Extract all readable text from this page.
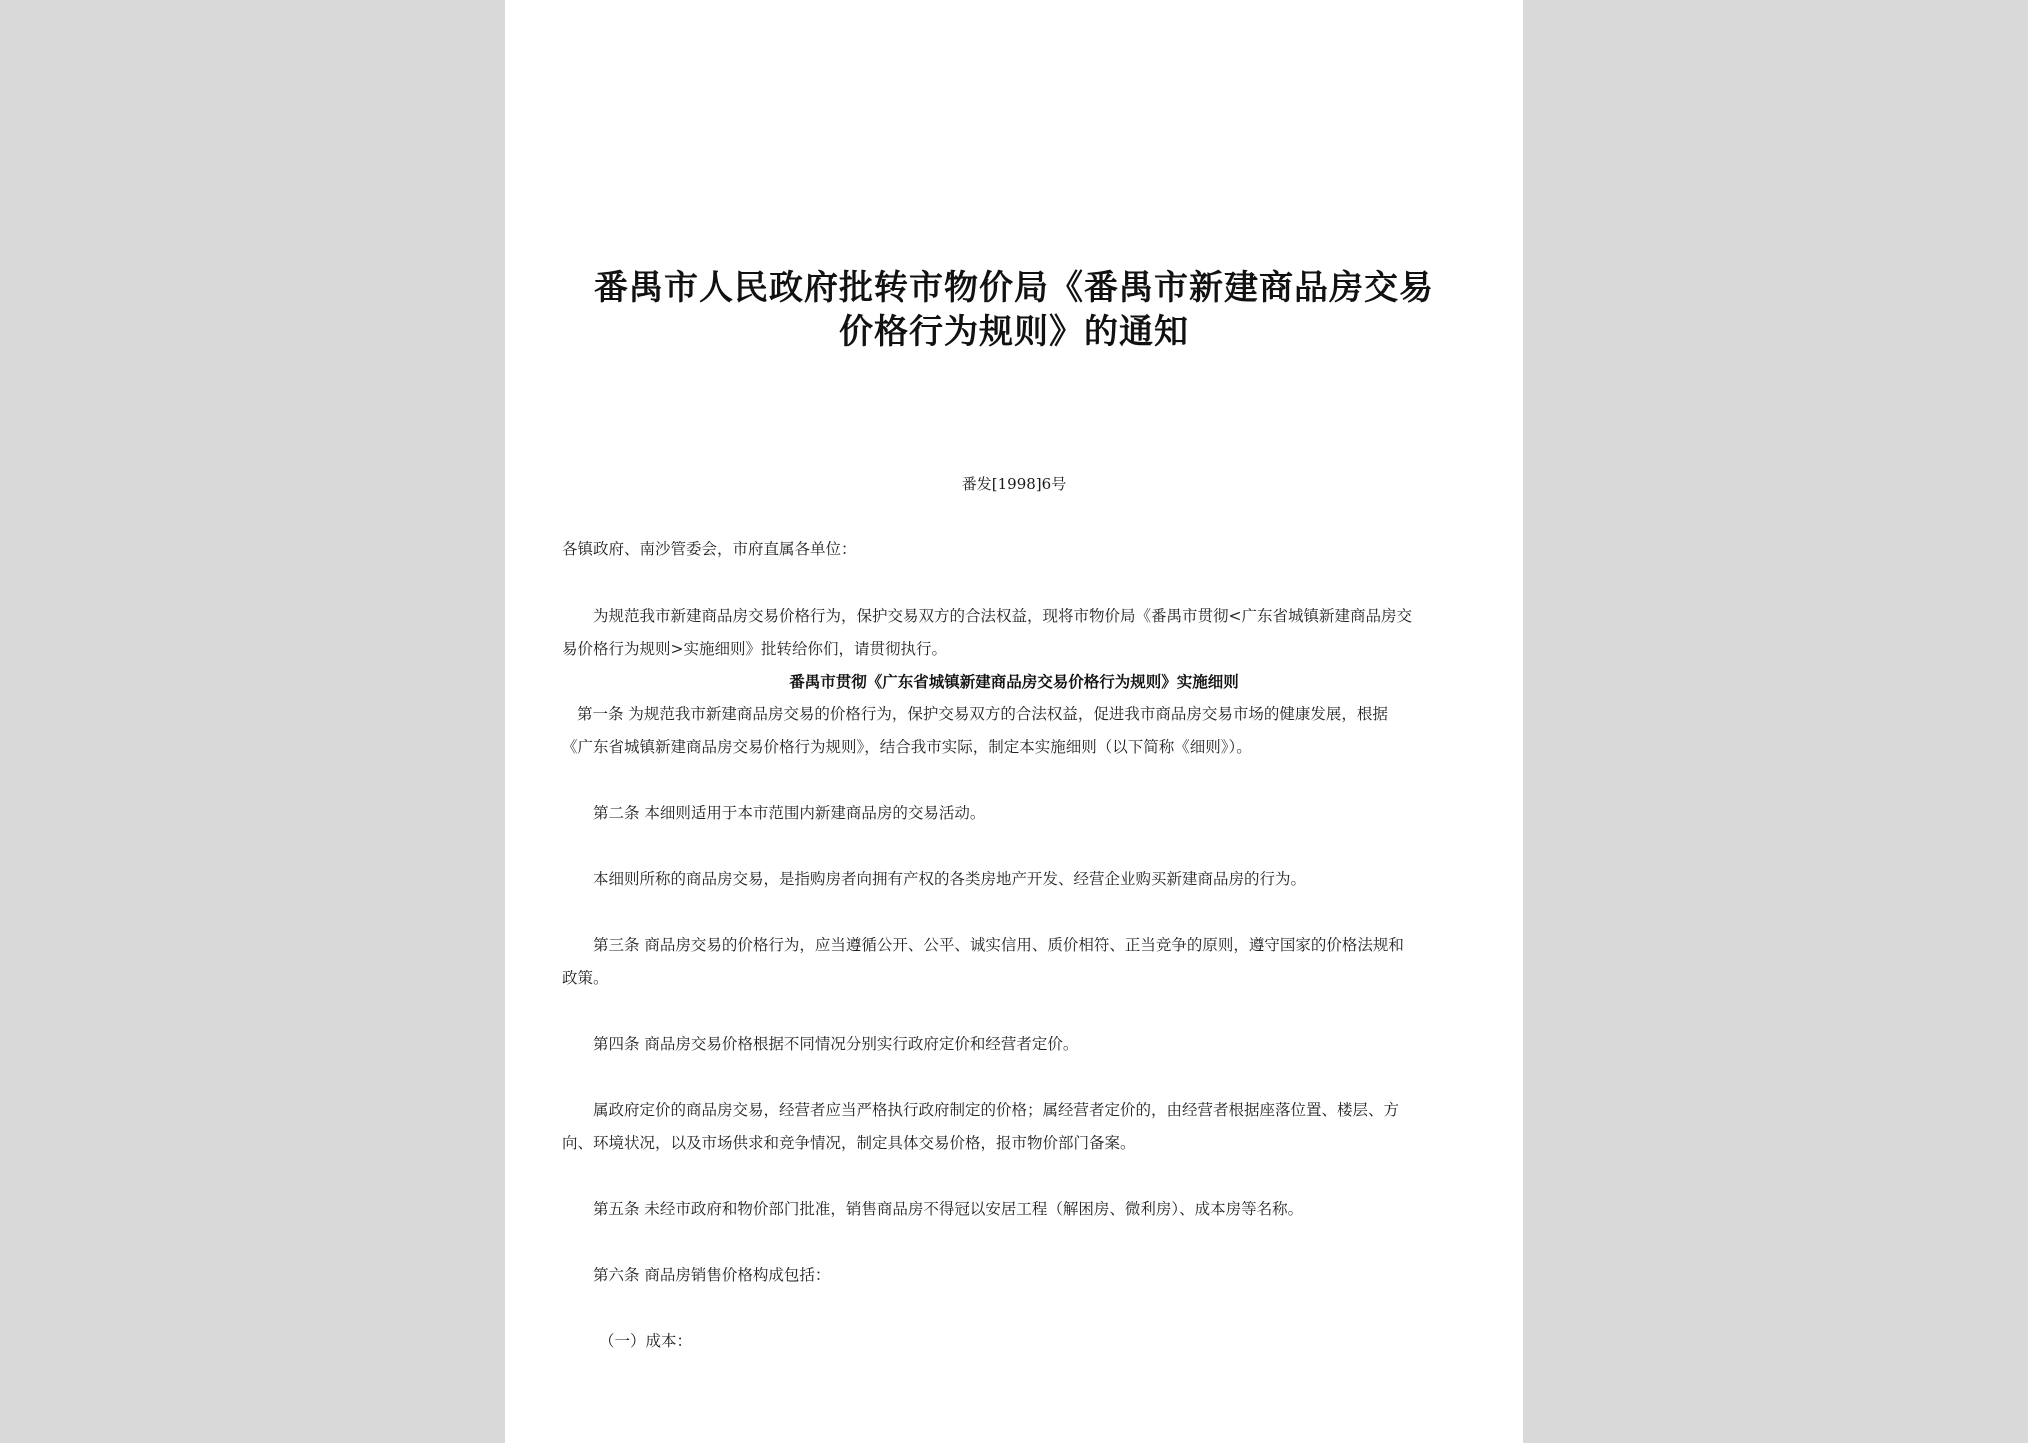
番禺市人民政府批转市物价局《番禺市新建商品房交易
价格行为规则》的通知
番发[1998]6号
各镇政府、南沙管委会，市府直属各单位：
为规范我市新建商品房交易价格行为，保护交易双方的合法权益，现将市物价局《番禺市贯彻<广东省城镇新建商品房交
易价格行为规则>实施细则》批转给你们，请贯彻执行。
番禺市贯彻《广东省城镇新建商品房交易价格行为规则》实施细则
第一条 为规范我市新建商品房交易的价格行为，保护交易双方的合法权益，促进我市商品房交易市场的健康发展，根据
《广东省城镇新建商品房交易价格行为规则》，结合我市实际，制定本实施细则（以下简称《细则》）。
第二条 本细则适用于本市范围内新建商品房的交易活动。
本细则所称的商品房交易，是指购房者向拥有产权的各类房地产开发、经营企业购买新建商品房的行为。
第三条 商品房交易的价格行为，应当遵循公开、公平、诚实信用、质价相符、正当竞争的原则，遵守国家的价格法规和
政策。
第四条 商品房交易价格根据不同情况分别实行政府定价和经营者定价。
属政府定价的商品房交易，经营者应当严格执行政府制定的价格；属经营者定价的，由经营者根据座落位置、楼层、方
向、环境状况，以及市场供求和竞争情况，制定具体交易价格，报市物价部门备案。
第五条 未经市政府和物价部门批准，销售商品房不得冠以安居工程（解困房、微利房）、成本房等名称。
第六条 商品房销售价格构成包括：
（一）成本：
